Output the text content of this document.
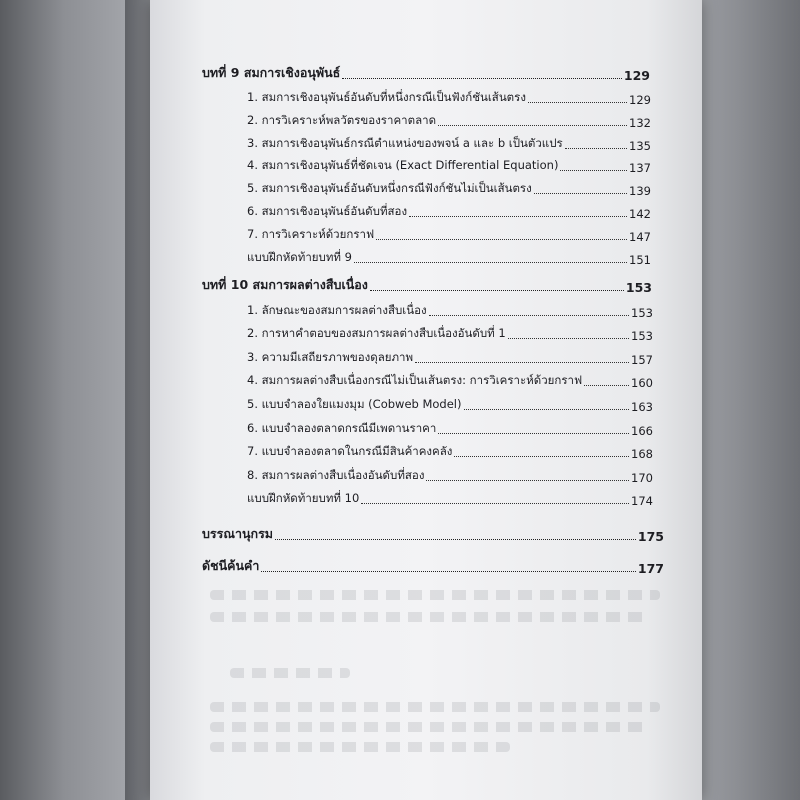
บทที่ 9 สมการเชิงอนุพันธ์	129
1. สมการเชิงอนุพันธ์อันดับที่หนึ่งกรณีเป็นฟังก์ชันเส้นตรง	129
2. การวิเคราะห์พลวัตรของราคาตลาด	132
3. สมการเชิงอนุพันธ์กรณีตำแหน่งของพจน์ a และ b เป็นตัวแปร	135
4. สมการเชิงอนุพันธ์ที่ชัดเจน (Exact Differential Equation)	137
5. สมการเชิงอนุพันธ์อันดับหนึ่งกรณีฟังก์ชันไม่เป็นเส้นตรง	139
6. สมการเชิงอนุพันธ์อันดับที่สอง	142
7. การวิเคราะห์ด้วยกราฟ	147
แบบฝึกหัดท้ายบทที่ 9	151
บทที่ 10 สมการผลต่างสืบเนื่อง	153
1. ลักษณะของสมการผลต่างสืบเนื่อง	153
2. การหาคำตอบของสมการผลต่างสืบเนื่องอันดับที่ 1	153
3. ความมีเสถียรภาพของดุลยภาพ	157
4. สมการผลต่างสืบเนื่องกรณีไม่เป็นเส้นตรง: การวิเคราะห์ด้วยกราฟ	160
5. แบบจำลองใยแมงมุม (Cobweb Model)	163
6. แบบจำลองตลาดกรณีมีเพดานราคา	166
7. แบบจำลองตลาดในกรณีมีสินค้าคงคลัง	168
8. สมการผลต่างสืบเนื่องอันดับที่สอง	170
แบบฝึกหัดท้ายบทที่ 10	174
บรรณานุกรม	175
ดัชนีค้นคำ	177
